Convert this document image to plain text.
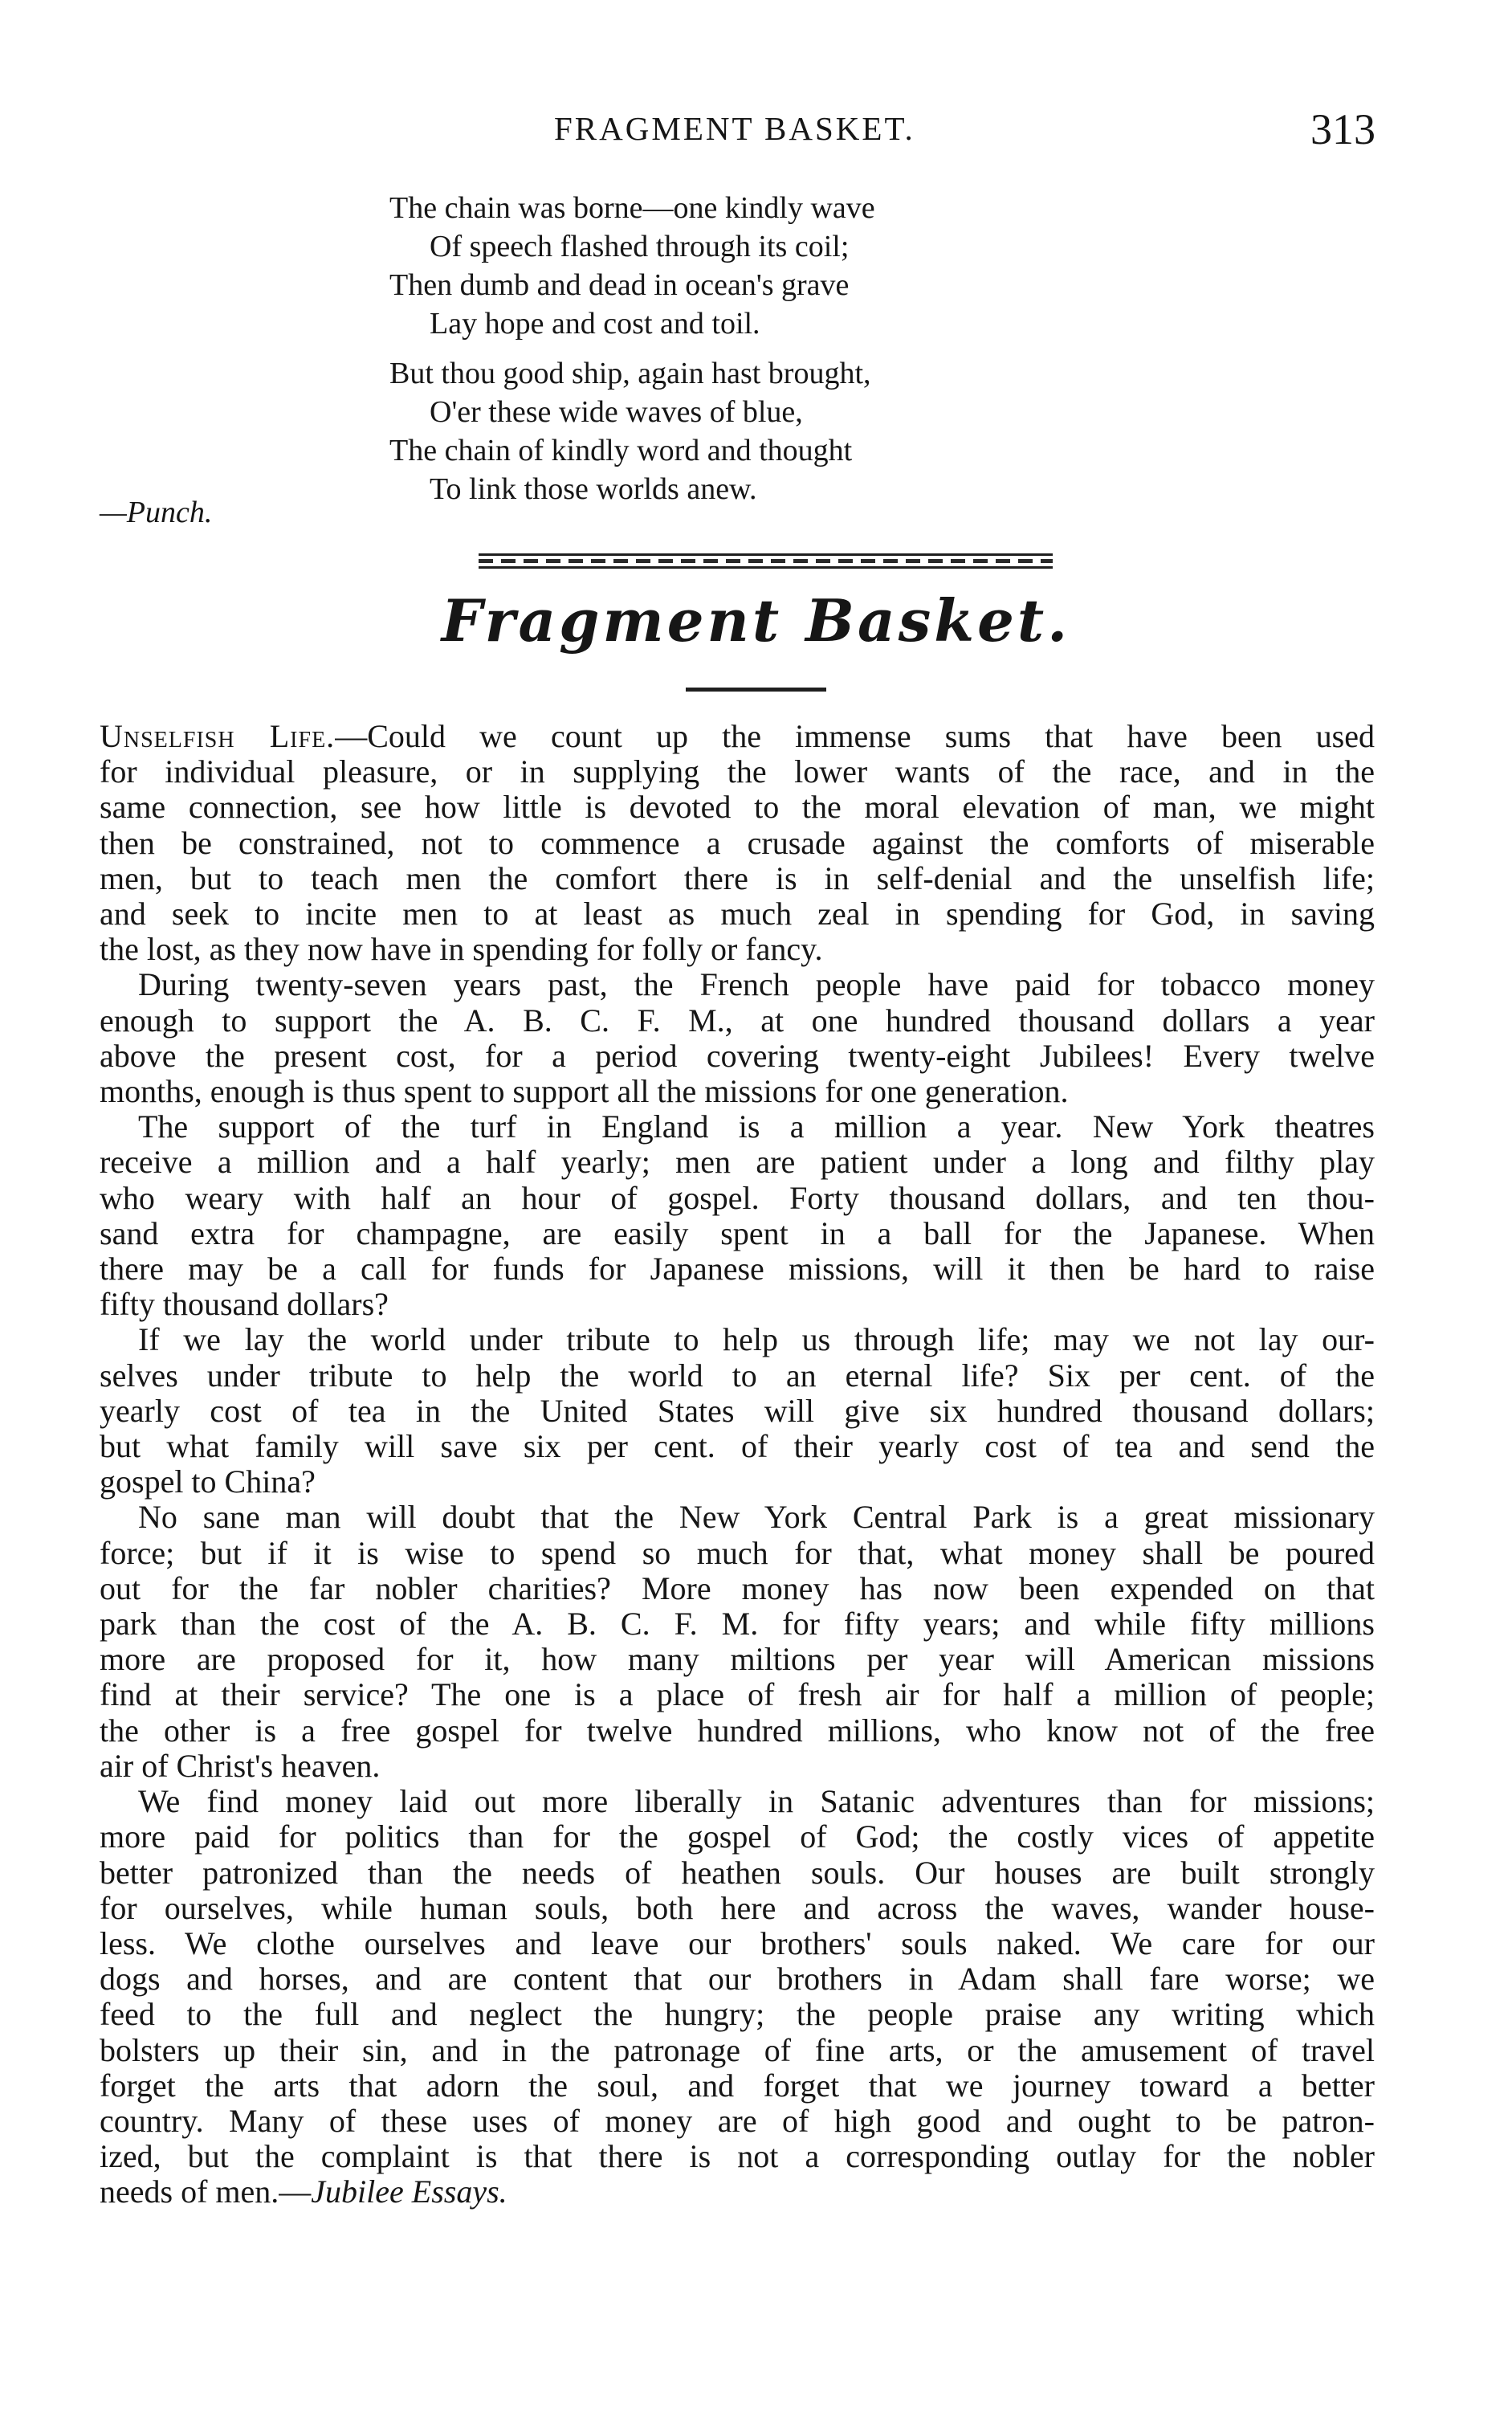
FRAGMENT BASKET.	313
The chain was borne—one kindly wave
Of speech flashed through its coil;
Then dumb and dead in ocean's grave
Lay hope and cost and toil.
But thou good ship, again hast brought,
O'er these wide waves of blue,
The chain of kindly word and thought
To link those worlds anew.
—Punch.
Fragment Basket.

Unselfish Life.—Could we count up the immense sums that have been used
for individual pleasure, or in supplying the lower wants of the race, and in the
same connection, see how little is devoted to the moral elevation of man, we might
then be constrained, not to commence a crusade against the comforts of miserable
men, but to teach men the comfort there is in self-denial and the unselfish life;
and seek to incite men to at least as much zeal in spending for God, in saving
the lost, as they now have in spending for folly or fancy.

During twenty-seven years past, the French people have paid for tobacco money
enough to support the A. B. C. F. M., at one hundred thousand dollars a year
above the present cost, for a period covering twenty-eight Jubilees! Every twelve
months, enough is thus spent to support all the missions for one generation.

The support of the turf in England is a million a year. New York theatres
receive a million and a half yearly; men are patient under a long and filthy play
who weary with half an hour of gospel. Forty thousand dollars, and ten thou-
sand extra for champagne, are easily spent in a ball for the Japanese. When
there may be a call for funds for Japanese missions, will it then be hard to raise
fifty thousand dollars?

If we lay the world under tribute to help us through life; may we not lay our-
selves under tribute to help the world to an eternal life? Six per cent. of the
yearly cost of tea in the United States will give six hundred thousand dollars;
but what family will save six per cent. of their yearly cost of tea and send the
gospel to China?

No sane man will doubt that the New York Central Park is a great missionary
force; but if it is wise to spend so much for that, what money shall be poured
out for the far nobler charities? More money has now been expended on that
park than the cost of the A. B. C. F. M. for fifty years; and while fifty millions
more are proposed for it, how many miltions per year will American missions
find at their service? The one is a place of fresh air for half a million of people;
the other is a free gospel for twelve hundred millions, who know not of the free
air of Christ's heaven.

We find money laid out more liberally in Satanic adventures than for missions;
more paid for politics than for the gospel of God; the costly vices of appetite
better patronized than the needs of heathen souls. Our houses are built strongly
for ourselves, while human souls, both here and across the waves, wander house-
less. We clothe ourselves and leave our brothers' souls naked. We care for our
dogs and horses, and are content that our brothers in Adam shall fare worse; we
feed to the full and neglect the hungry; the people praise any writing which
bolsters up their sin, and in the patronage of fine arts, or the amusement of travel
forget the arts that adorn the soul, and forget that we journey toward a better
country. Many of these uses of money are of high good and ought to be patron-
ized, but the complaint is that there is not a corresponding outlay for the nobler
needs of men.—Jubilee Essays.
